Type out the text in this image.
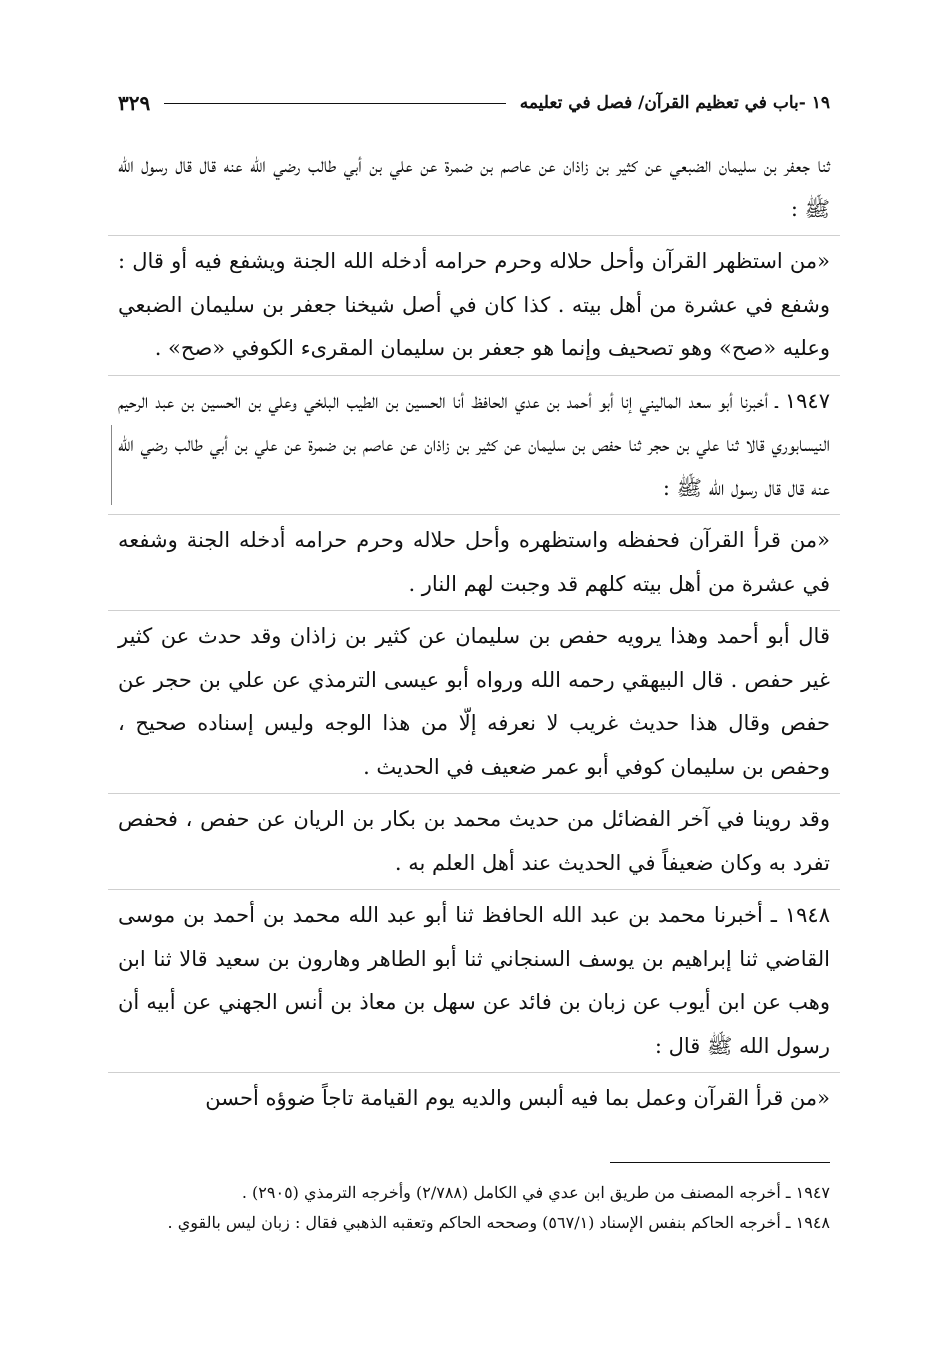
١٩ -باب في تعظيم القرآن/ فصل في تعليمه
٣٢٩

ثنا جعفر بن سليمان الضبعي عن كثير بن زاذان عن عاصم بن ضمرة عن علي بن أبي طالب رضي الله عنه قال قال رسول الله ﷺ :

«من استظهر القرآن وأحل حلاله وحرم حرامه أدخله الله الجنة ويشفع فيه أو قال : وشفع في عشرة من أهل بيته . كذا كان في أصل شيخنا جعفر بن سليمان الضبعي وعليه «صح» وهو تصحيف وإنما هو جعفر بن سليمان المقرىء الكوفي «صح» .

١٩٤٧ ـ أخبرنا أبو سعد الماليني إنا أبو أحمد بن عدي الحافظ أنا الحسين بن الطيب البلخي وعلي بن الحسين بن عبد الرحيم النيسابوري قالا ثنا علي بن حجر ثنا حفص بن سليمان عن كثير بن زاذان عن عاصم بن ضمرة عن علي بن أبي طالب رضي الله عنه قال قال رسول الله ﷺ :

«من قرأ القرآن فحفظه واستظهره وأحل حلاله وحرم حرامه أدخله الجنة وشفعه في عشرة من أهل بيته كلهم قد وجبت لهم النار .

قال أبو أحمد وهذا يرويه حفص بن سليمان عن كثير بن زاذان وقد حدث عن كثير غير حفص . قال البيهقي رحمه الله ورواه أبو عيسى الترمذي عن علي بن حجر عن حفص وقال هذا حديث غريب لا نعرفه إلّا من هذا الوجه وليس إسناده صحيح ، وحفص بن سليمان كوفي أبو عمر ضعيف في الحديث .

وقد روينا في آخر الفضائل من حديث محمد بن بكار بن الريان عن حفص ، فحفص تفرد به وكان ضعيفاً في الحديث عند أهل العلم به .

١٩٤٨ ـ أخبرنا محمد بن عبد الله الحافظ ثنا أبو عبد الله محمد بن أحمد بن موسى القاضي ثنا إبراهيم بن يوسف السنجاني ثنا أبو الطاهر وهارون بن سعيد قالا ثنا ابن وهب عن ابن أيوب عن زبان بن فائد عن سهل بن معاذ بن أنس الجهني عن أبيه أن رسول الله ﷺ قال :

«من قرأ القرآن وعمل بما فيه ألبس والديه يوم القيامة تاجاً ضوؤه أحسن

١٩٤٧ ـ أخرجه المصنف من طريق ابن عدي في الكامل (٢/٧٨٨) وأخرجه الترمذي (٢٩٠٥) .

١٩٤٨ ـ أخرجه الحاكم بنفس الإسناد (٥٦٧/١) وصححه الحاكم وتعقبه الذهبي فقال : زبان ليس بالقوي .
